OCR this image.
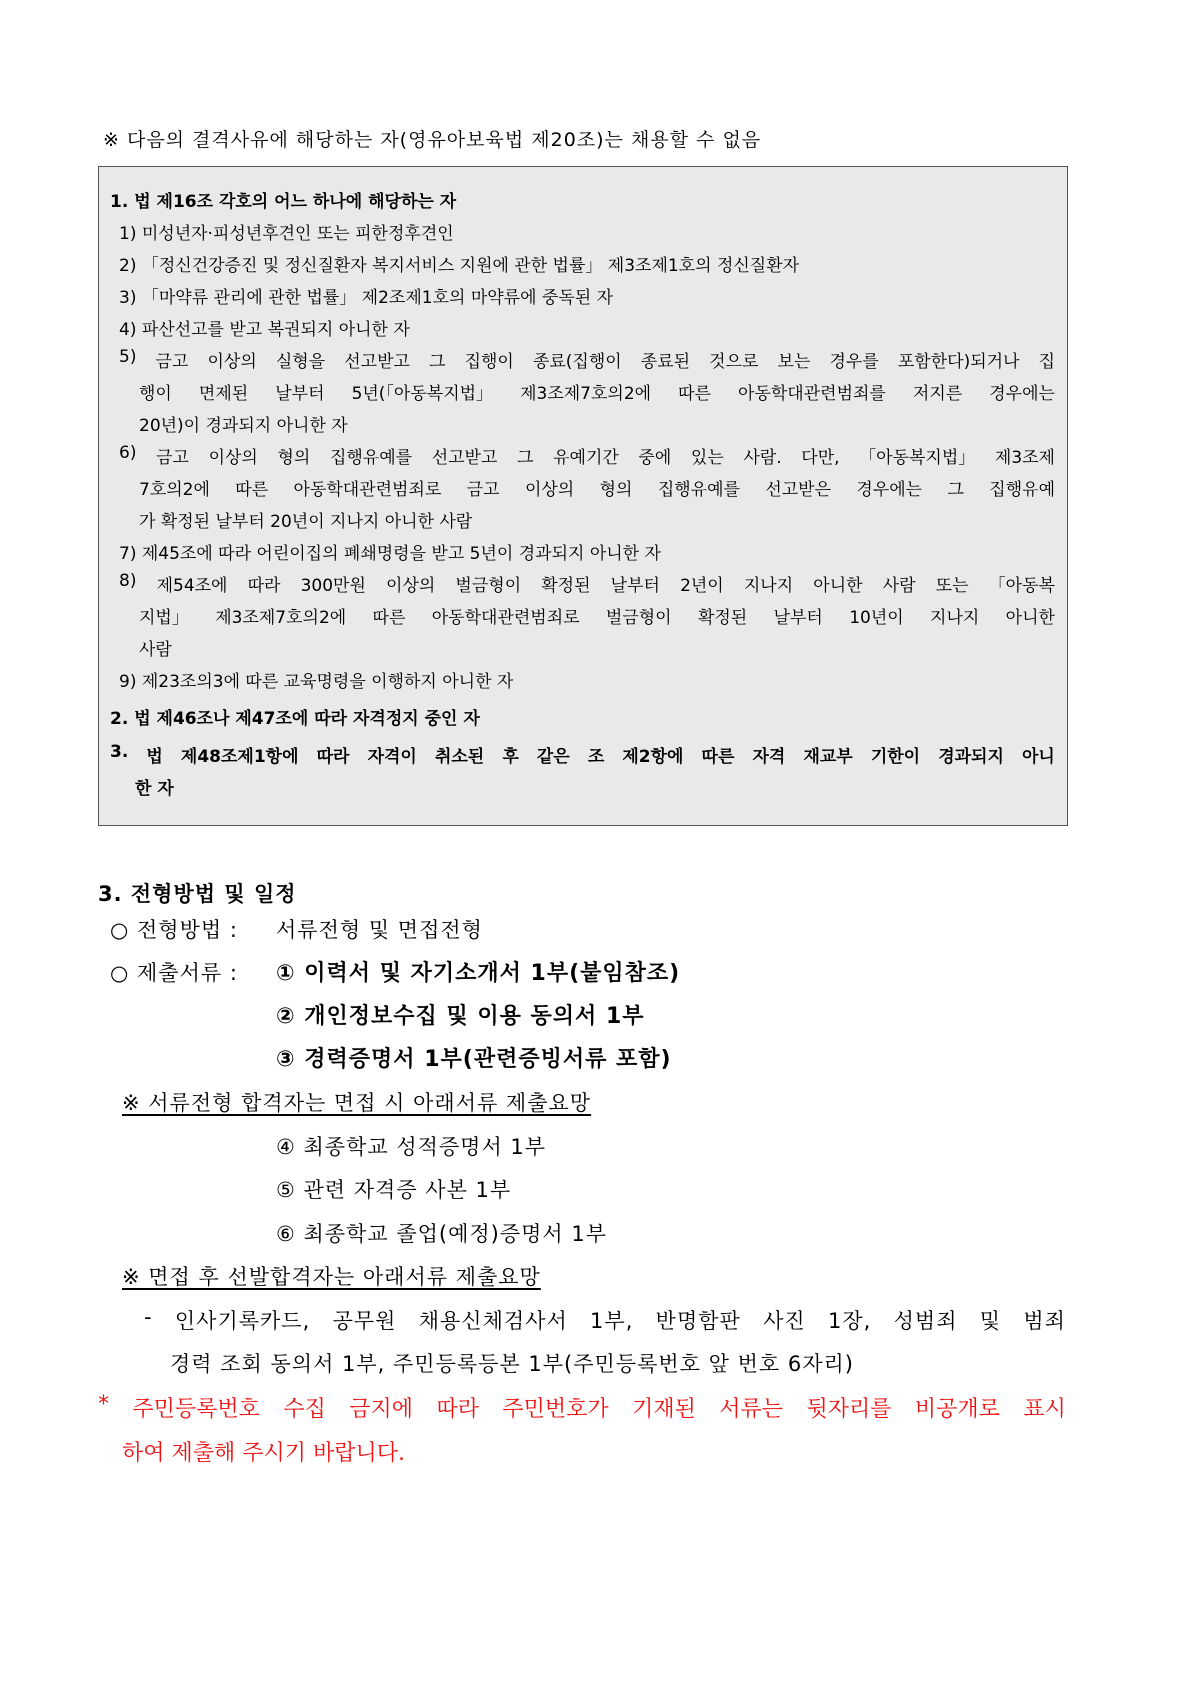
※ 다음의 결격사유에 해당하는 자(영유아보육법 제20조)는 채용할 수 없음
1. 법 제16조 각호의 어느 하나에 해당하는 자
1) 미성년자·피성년후견인 또는 피한정후견인
2) 「정신건강증진 및 정신질환자 복지서비스 지원에 관한 법률」 제3조제1호의 정신질환자
3) 「마약류 관리에 관한 법률」 제2조제1호의 마약류에 중독된 자
4) 파산선고를 받고 복권되지 아니한 자
5) 금고 이상의 실형을 선고받고 그 집행이 종료(집행이 종료된 것으로 보는 경우를 포함한다)되거나 집
행이 면제된 날부터 5년(「아동복지법」 제3조제7호의2에 따른 아동학대관련범죄를 저지른 경우에는
20년)이 경과되지 아니한 자
6) 금고 이상의 형의 집행유예를 선고받고 그 유예기간 중에 있는 사람. 다만, 「아동복지법」 제3조제
7호의2에 따른 아동학대관련범죄로 금고 이상의 형의 집행유예를 선고받은 경우에는 그 집행유예
가 확정된 날부터 20년이 지나지 아니한 사람
7) 제45조에 따라 어린이집의 폐쇄명령을 받고 5년이 경과되지 아니한 자
8) 제54조에 따라 300만원 이상의 벌금형이 확정된 날부터 2년이 지나지 아니한 사람 또는 「아동복
지법」 제3조제7호의2에 따른 아동학대관련범죄로 벌금형이 확정된 날부터 10년이 지나지 아니한
사람
9) 제23조의3에 따른 교육명령을 이행하지 아니한 자
2. 법 제46조나 제47조에 따라 자격정지 중인 자
3. 법 제48조제1항에 따라 자격이 취소된 후 같은 조 제2항에 따른 자격 재교부 기한이 경과되지 아니
한 자
3. 전형방법 및 일정
○ 전형방법 : 서류전형 및 면접전형
○ 제출서류 : ① 이력서 및 자기소개서 1부(붙임참조)
② 개인정보수집 및 이용 동의서 1부
③ 경력증명서 1부(관련증빙서류 포함)
※ 서류전형 합격자는 면접 시 아래서류 제출요망
④ 최종학교 성적증명서 1부
⑤ 관련 자격증 사본 1부
⑥ 최종학교 졸업(예정)증명서 1부
※ 면접 후 선발합격자는 아래서류 제출요망
- 인사기록카드, 공무원 채용신체검사서 1부, 반명함판 사진 1장, 성범죄 및 범죄
경력 조회 동의서 1부, 주민등록등본 1부(주민등록번호 앞 번호 6자리)
* 주민등록번호 수집 금지에 따라 주민번호가 기재된 서류는 뒷자리를 비공개로 표시
하여 제출해 주시기 바랍니다.
